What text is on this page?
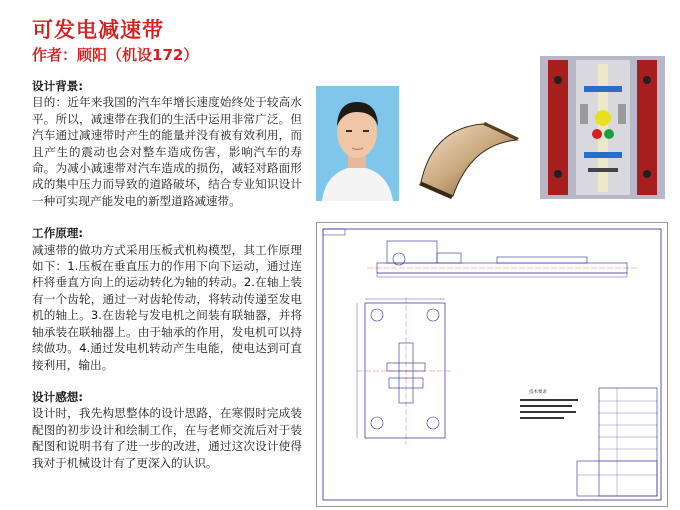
可发电减速带
作者：顾阳（机设172）

设计背景:

目的：近年来我国的汽车年增长速度始终处于较高水平。所以，减速带在我们的生活中运用非常广泛。但汽车通过减速带时产生的能量并没有被有效利用，而且产生的震动也会对整车造成伤害，影响汽车的寿命。为减小减速带对汽车造成的损伤，减轻对路面形成的集中压力而导致的道路破坏，结合专业知识设计一种可实现产能发电的新型道路减速带。

工作原理:

减速带的做功方式采用压板式机构模型，其工作原理如下：1.压板在垂直压力的作用下向下运动，通过连杆将垂直方向上的运动转化为轴的转动。2.在轴上装有一个齿轮，通过一对齿轮传动，将转动传递至发电机的轴上。3.在齿轮与发电机之间装有联轴器，并将轴承装在联轴器上。由于轴承的作用，发电机可以持续做功。4.通过发电机转动产生电能，使电达到可直接利用，输出。

设计感想:

设计时，我先构思整体的设计思路，在寒假时完成装配图的初步设计和绘制工作，在与老师交流后对于装配图和说明书有了进一步的改进，通过这次设计使得我对于机械设计有了更深入的认识。

技术要求
